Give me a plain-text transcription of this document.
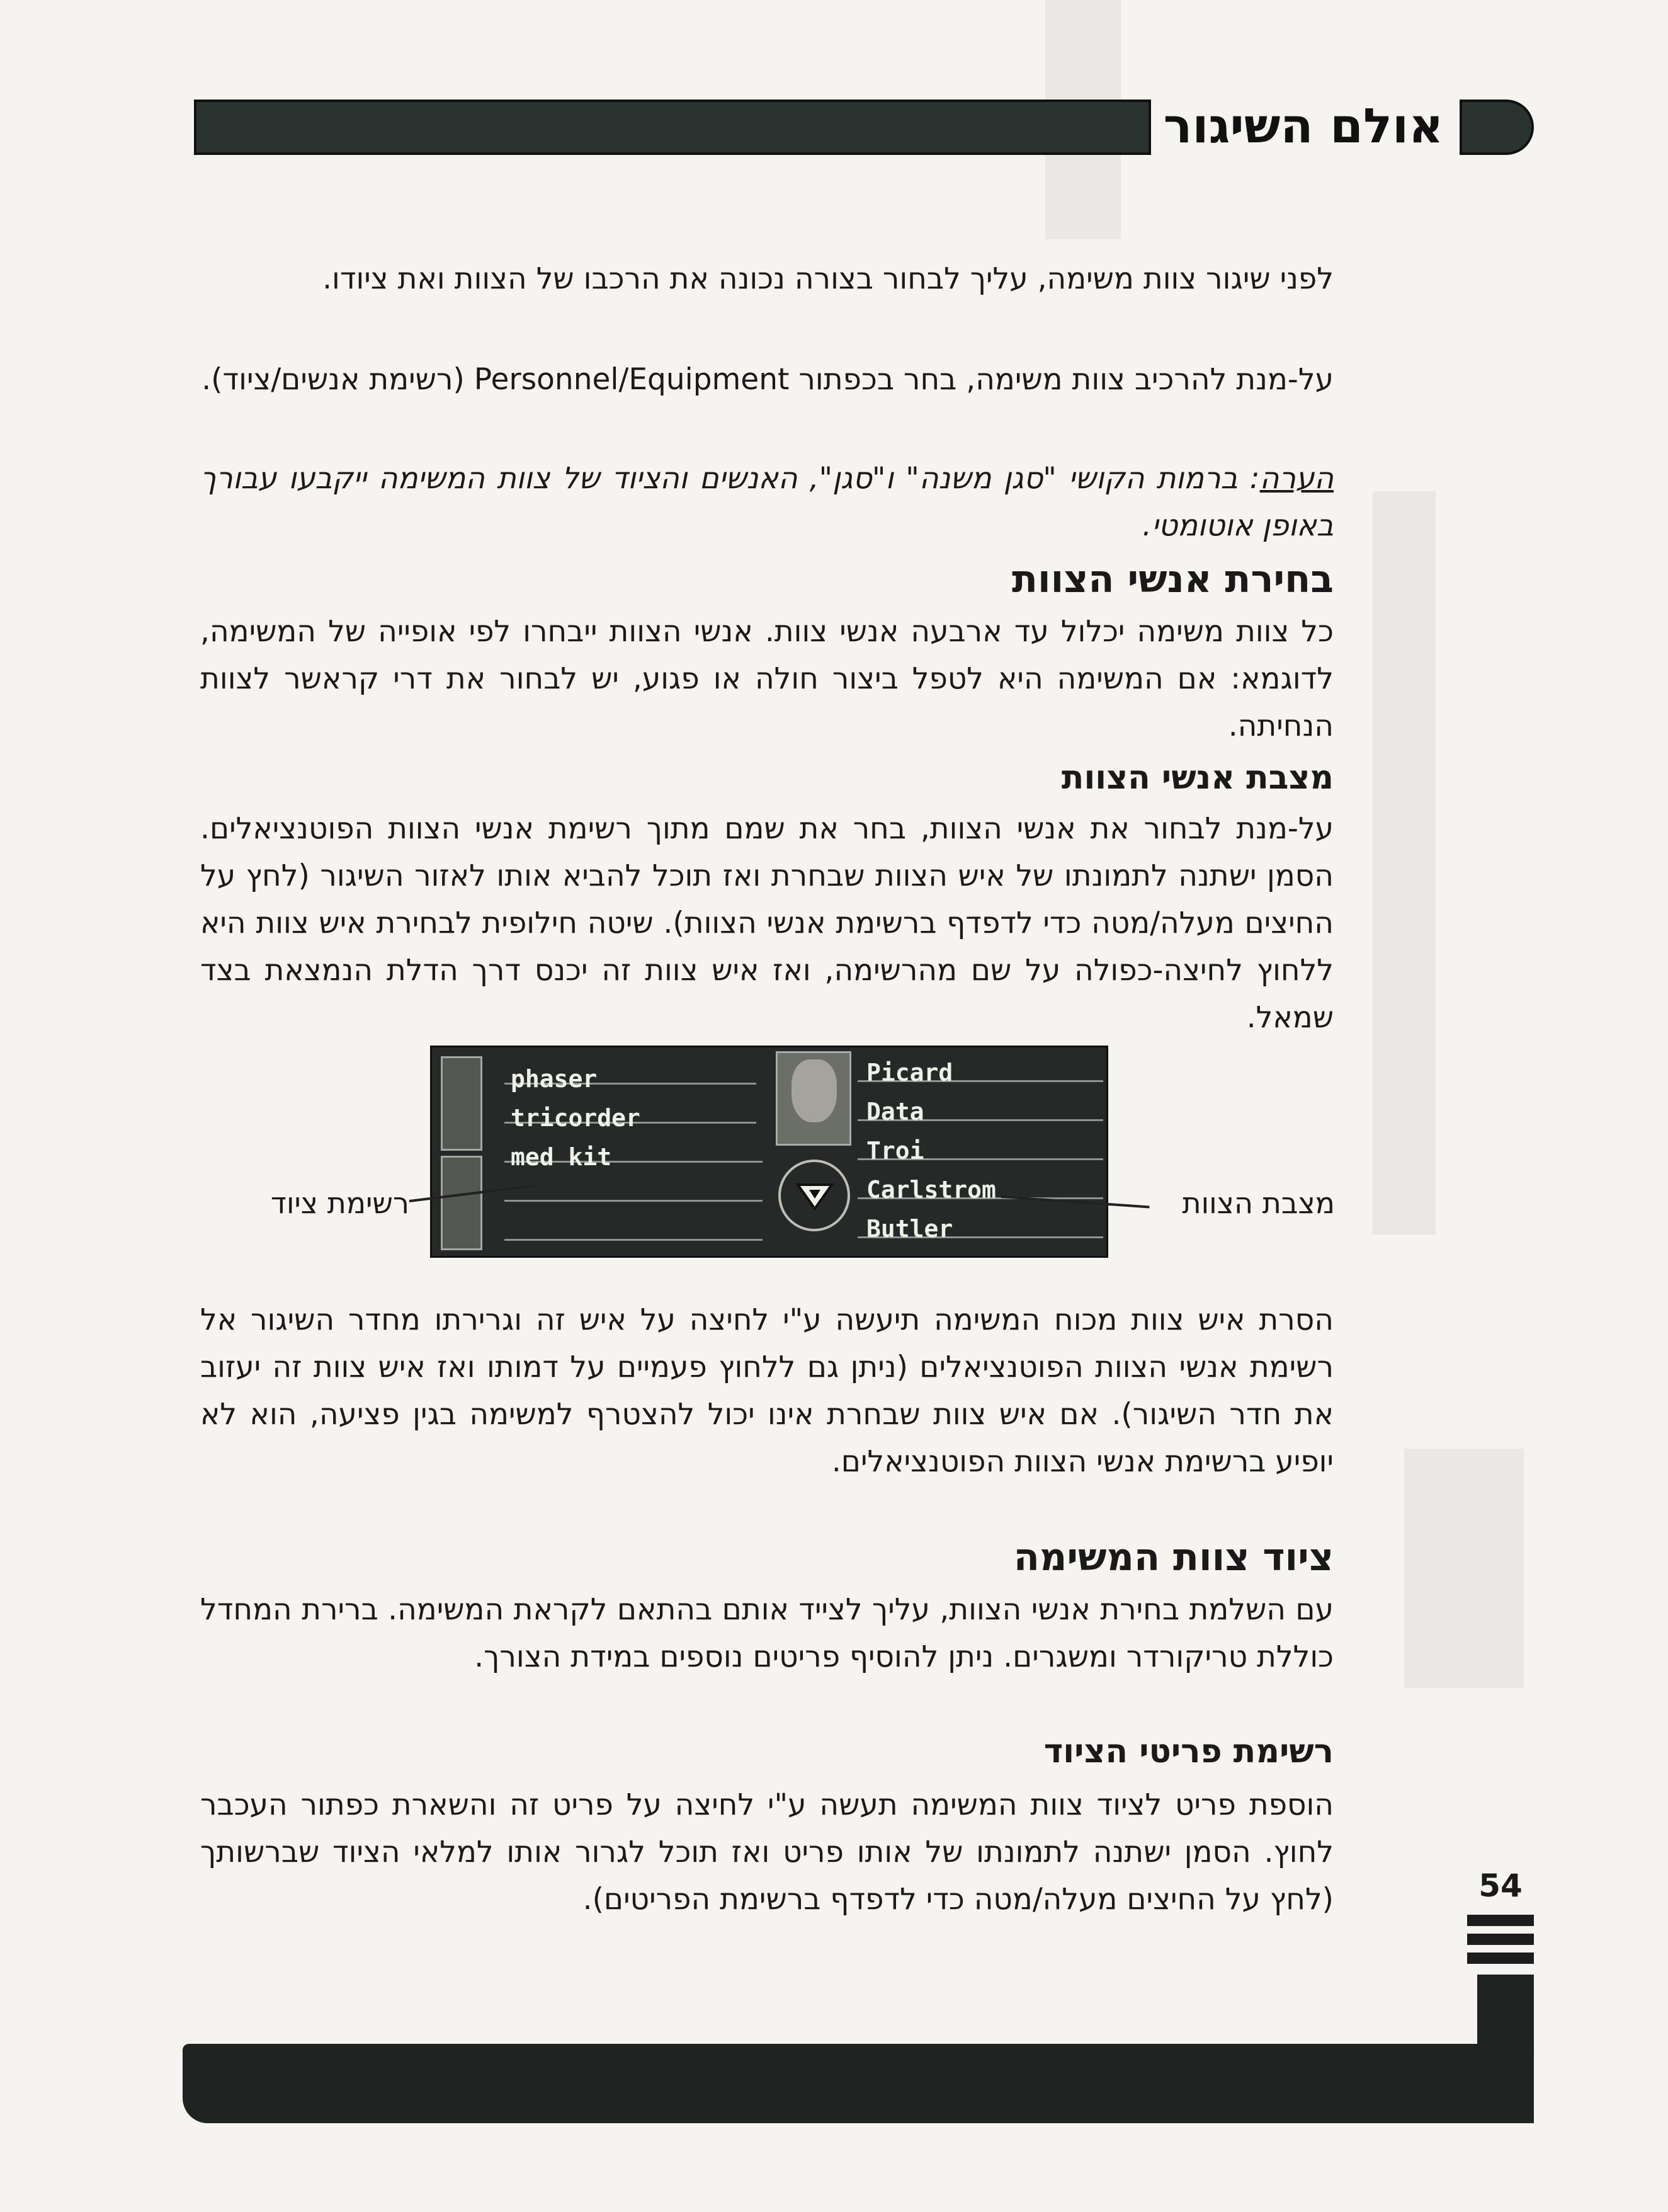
אולם השיגור
לפני שיגור צוות משימה, עליך לבחור בצורה נכונה את הרכבו של הצוות ואת ציודו.
על-מנת להרכיב צוות משימה, בחר בכפתור Personnel/Equipment (רשימת אנשים/ציוד).
הערה: ברמות הקושי "סגן משנה" ו"סגן", האנשים והציוד של צוות המשימה ייקבעו עבורך באופן אוטומטי.
בחירת אנשי הצוות
כל צוות משימה יכלול עד ארבעה אנשי צוות. אנשי הצוות ייבחרו לפי אופייה של המשימה, לדוגמא: אם המשימה היא לטפל ביצור חולה או פגוע, יש לבחור את דרי קראשר לצוות הנחיתה.
מצבת אנשי הצוות
על-מנת לבחור את אנשי הצוות, בחר את שמם מתוך רשימת אנשי הצוות הפוטנציאלים. הסמן ישתנה לתמונתו של איש הצוות שבחרת ואז תוכל להביא אותו לאזור השיגור (לחץ על החיצים מעלה/מטה כדי לדפדף ברשימת אנשי הצוות). שיטה חילופית לבחירת איש צוות היא ללחוץ לחיצה-כפולה על שם מהרשימה, ואז איש צוות זה יכנס דרך הדלת הנמצאת בצד שמאל.
phaser
tricorder
med kit
Picard
Data
Troi
Carlstrom
Butler
רשימת ציוד	מצבת הצוות
הסרת איש צוות מכוח המשימה תיעשה ע"י לחיצה על איש זה וגרירתו מחדר השיגור אל רשימת אנשי הצוות הפוטנציאלים (ניתן גם ללחוץ פעמיים על דמותו ואז איש צוות זה יעזוב את חדר השיגור). אם איש צוות שבחרת אינו יכול להצטרף למשימה בגין פציעה, הוא לא יופיע ברשימת אנשי הצוות הפוטנציאלים.
ציוד צוות המשימה
עם השלמת בחירת אנשי הצוות, עליך לצייד אותם בהתאם לקראת המשימה. ברירת המחדל כוללת טריקורדר ומשגרים. ניתן להוסיף פריטים נוספים במידת הצורך.
רשימת פריטי הציוד
הוספת פריט לציוד צוות המשימה תעשה ע"י לחיצה על פריט זה והשארת כפתור העכבר לחוץ. הסמן ישתנה לתמונתו של אותו פריט ואז תוכל לגרור אותו למלאי הציוד שברשותך (לחץ על החיצים מעלה/מטה כדי לדפדף ברשימת הפריטים).	54
